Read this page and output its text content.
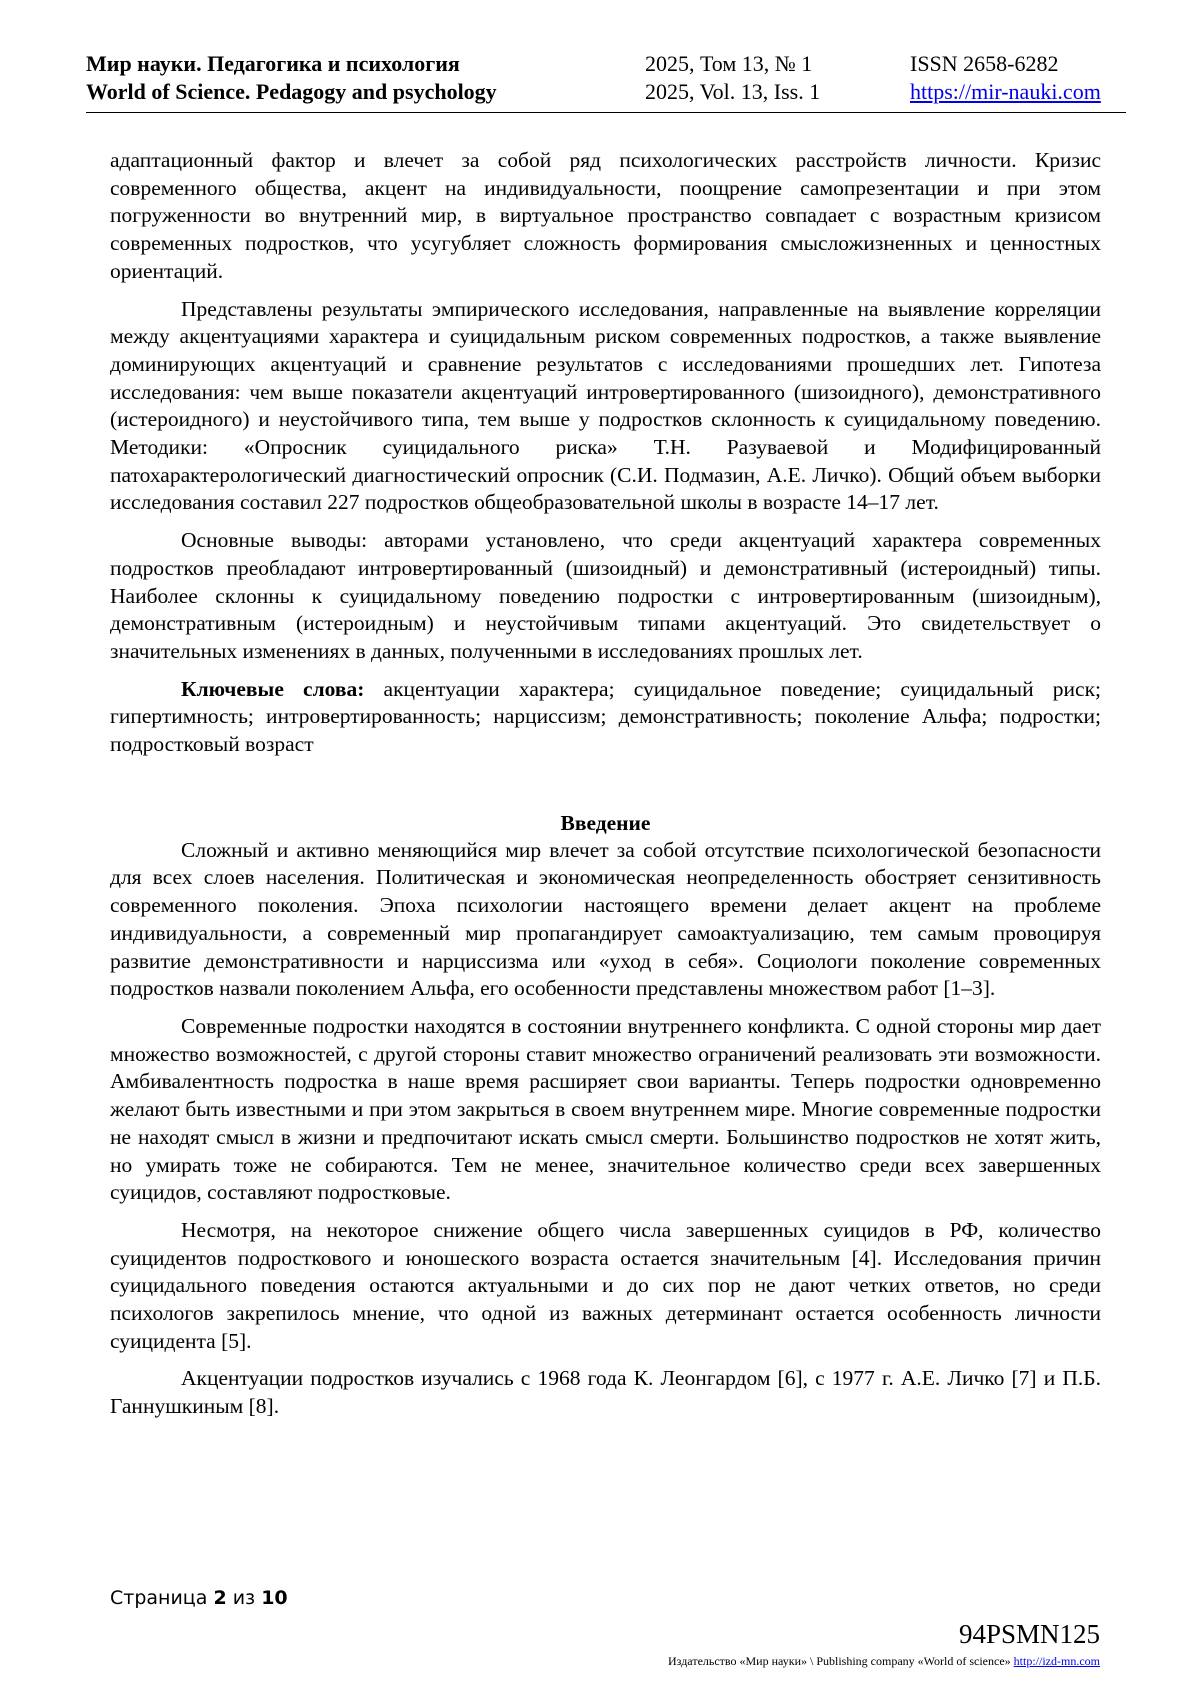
Мир науки. Педагогика и психология
World of Science. Pedagogy and psychology
2025, Том 13, № 1
2025, Vol. 13, Iss. 1
ISSN 2658-6282
https://mir-nauki.com

адаптационный фактор и влечет за собой ряд психологических расстройств личности. Кризис современного общества, акцент на индивидуальности, поощрение самопрезентации и при этом погруженности во внутренний мир, в виртуальное пространство совпадает с возрастным кризисом современных подростков, что усугубляет сложность формирования смысложизненных и ценностных ориентаций.

Представлены результаты эмпирического исследования, направленные на выявление корреляции между акцентуациями характера и суицидальным риском современных подростков, а также выявление доминирующих акцентуаций и сравнение результатов с исследованиями прошедших лет. Гипотеза исследования: чем выше показатели акцентуаций интровертированного (шизоидного), демонстративного (истероидного) и неустойчивого типа, тем выше у подростков склонность к суицидальному поведению. Методики: «Опросник суицидального риска» Т.Н. Разуваевой и Модифицированный патохарактерологический диагностический опросник (С.И. Подмазин, А.Е. Личко). Общий объем выборки исследования составил 227 подростков общеобразовательной школы в возрасте 14–17 лет.

Основные выводы: авторами установлено, что среди акцентуаций характера современных подростков преобладают интровертированный (шизоидный) и демонстративный (истероидный) типы. Наиболее склонны к суицидальному поведению подростки с интровертированным (шизоидным), демонстративным (истероидным) и неустойчивым типами акцентуаций. Это свидетельствует о значительных изменениях в данных, полученными в исследованиях прошлых лет.

Ключевые слова: акцентуации характера; суицидальное поведение; суицидальный риск; гипертимность; интровертированность; нарциссизм; демонстративность; поколение Альфа; подростки; подростковый возраст

Введение

Сложный и активно меняющийся мир влечет за собой отсутствие психологической безопасности для всех слоев населения. Политическая и экономическая неопределенность обостряет сензитивность современного поколения. Эпоха психологии настоящего времени делает акцент на проблеме индивидуальности, а современный мир пропагандирует самоактуализацию, тем самым провоцируя развитие демонстративности и нарциссизма или «уход в себя». Социологи поколение современных подростков назвали поколением Альфа, его особенности представлены множеством работ [1–3].

Современные подростки находятся в состоянии внутреннего конфликта. С одной стороны мир дает множество возможностей, с другой стороны ставит множество ограничений реализовать эти возможности. Амбивалентность подростка в наше время расширяет свои варианты. Теперь подростки одновременно желают быть известными и при этом закрыться в своем внутреннем мире. Многие современные подростки не находят смысл в жизни и предпочитают искать смысл смерти. Большинство подростков не хотят жить, но умирать тоже не собираются. Тем не менее, значительное количество среди всех завершенных суицидов, составляют подростковые.

Несмотря, на некоторое снижение общего числа завершенных суицидов в РФ, количество суицидентов подросткового и юношеского возраста остается значительным [4]. Исследования причин суицидального поведения остаются актуальными и до сих пор не дают четких ответов, но среди психологов закрепилось мнение, что одной из важных детерминант остается особенность личности суицидента [5].

Акцентуации подростков изучались с 1968 года К. Леонгардом [6], с 1977 г. А.Е. Личко [7] и П.Б. Ганнушкиным [8].

Страница 2 из 10
94PSMN125
Издательство «Мир науки» \ Publishing company «World of science» http://izd-mn.com
